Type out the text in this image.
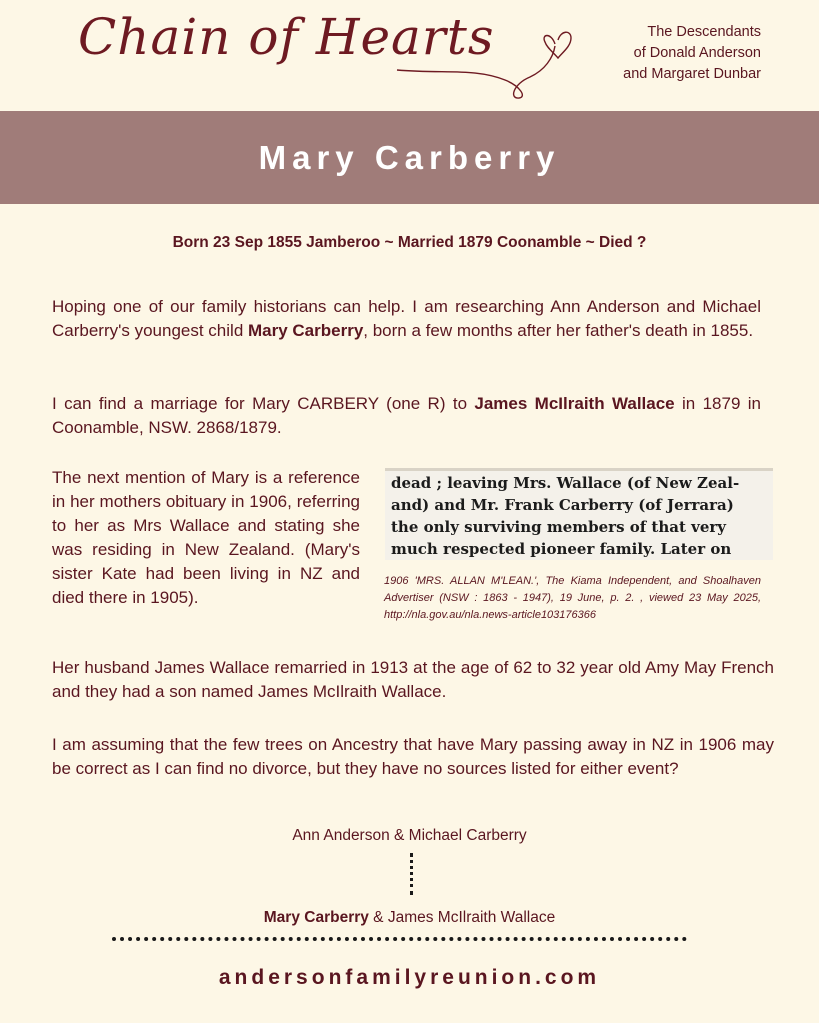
Chain of Hearts	The Descendants
of Donald Anderson
and Margaret Dunbar
Mary Carberry
Born 23 Sep 1855 Jamberoo ~ Married 1879 Coonamble ~ Died ?
Hoping one of our family historians can help. I am researching Ann Anderson and Michael Carberry's youngest child Mary Carberry, born a few months after her father's death in 1855.
I can find a marriage for Mary CARBERY (one R) to James McIlraith Wallace in 1879 in Coonamble, NSW. 2868/1879.
The next mention of Mary is a reference in her mothers obituary in 1906, referring to her as Mrs Wallace and stating she was residing in New Zealand. (Mary's sister Kate had been living in NZ and died there in 1905).
dead ; leaving Mrs. Wallace (of New Zeal-
and) and Mr. Frank Carberry (of Jerrara)
the only surviving members of that very
much respected pioneer family. Later on
1906 'MRS. ALLAN M'LEAN.', The Kiama Independent, and Shoalhaven Advertiser (NSW : 1863 - 1947), 19 June, p. 2. , viewed 23 May 2025, http://nla.gov.au/nla.news-article103176366
Her husband James Wallace remarried in 1913 at the age of 62 to 32 year old Amy May French and they had a son named James McIlraith Wallace.
I am assuming that the few trees on Ancestry that have Mary passing away in NZ in 1906 may be correct as I can find no divorce, but they have no sources listed for either event?
Ann Anderson & Michael Carberry
Mary Carberry & James McIlraith Wallace
andersonfamilyreunion.com
